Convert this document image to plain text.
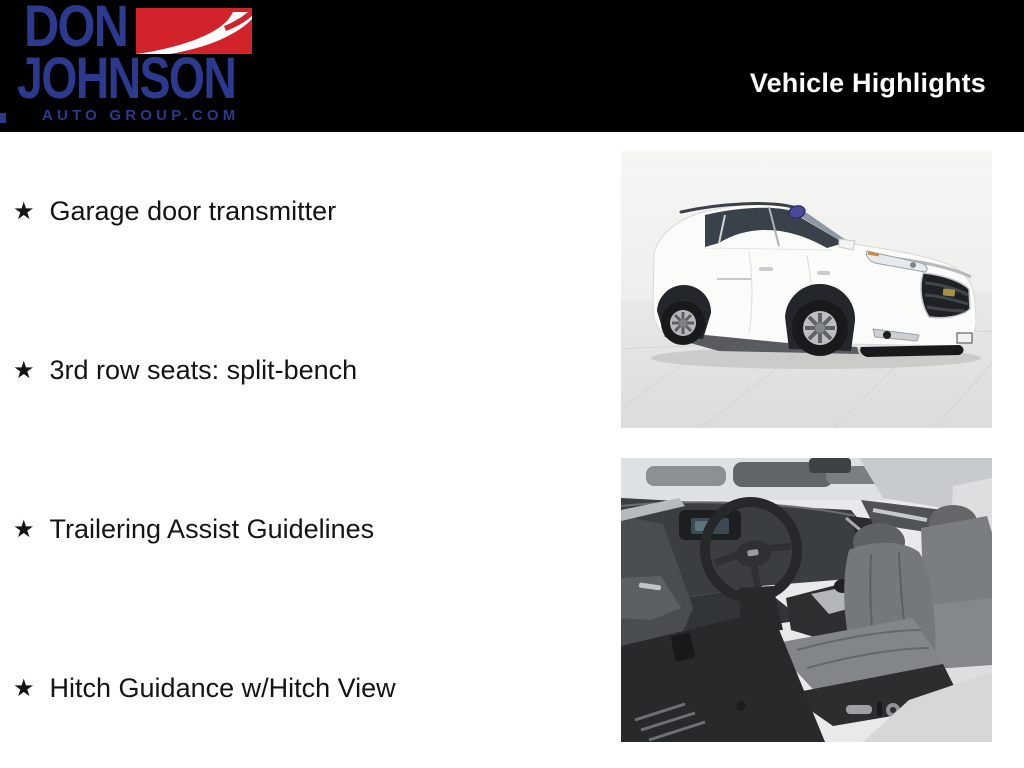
DON
JOHNSON
AUTO GROUP.COM
Vehicle Highlights
★ Garage door transmitter
★ 3rd row seats: split-bench
★ Trailering Assist Guidelines
★ Hitch Guidance w/Hitch View
